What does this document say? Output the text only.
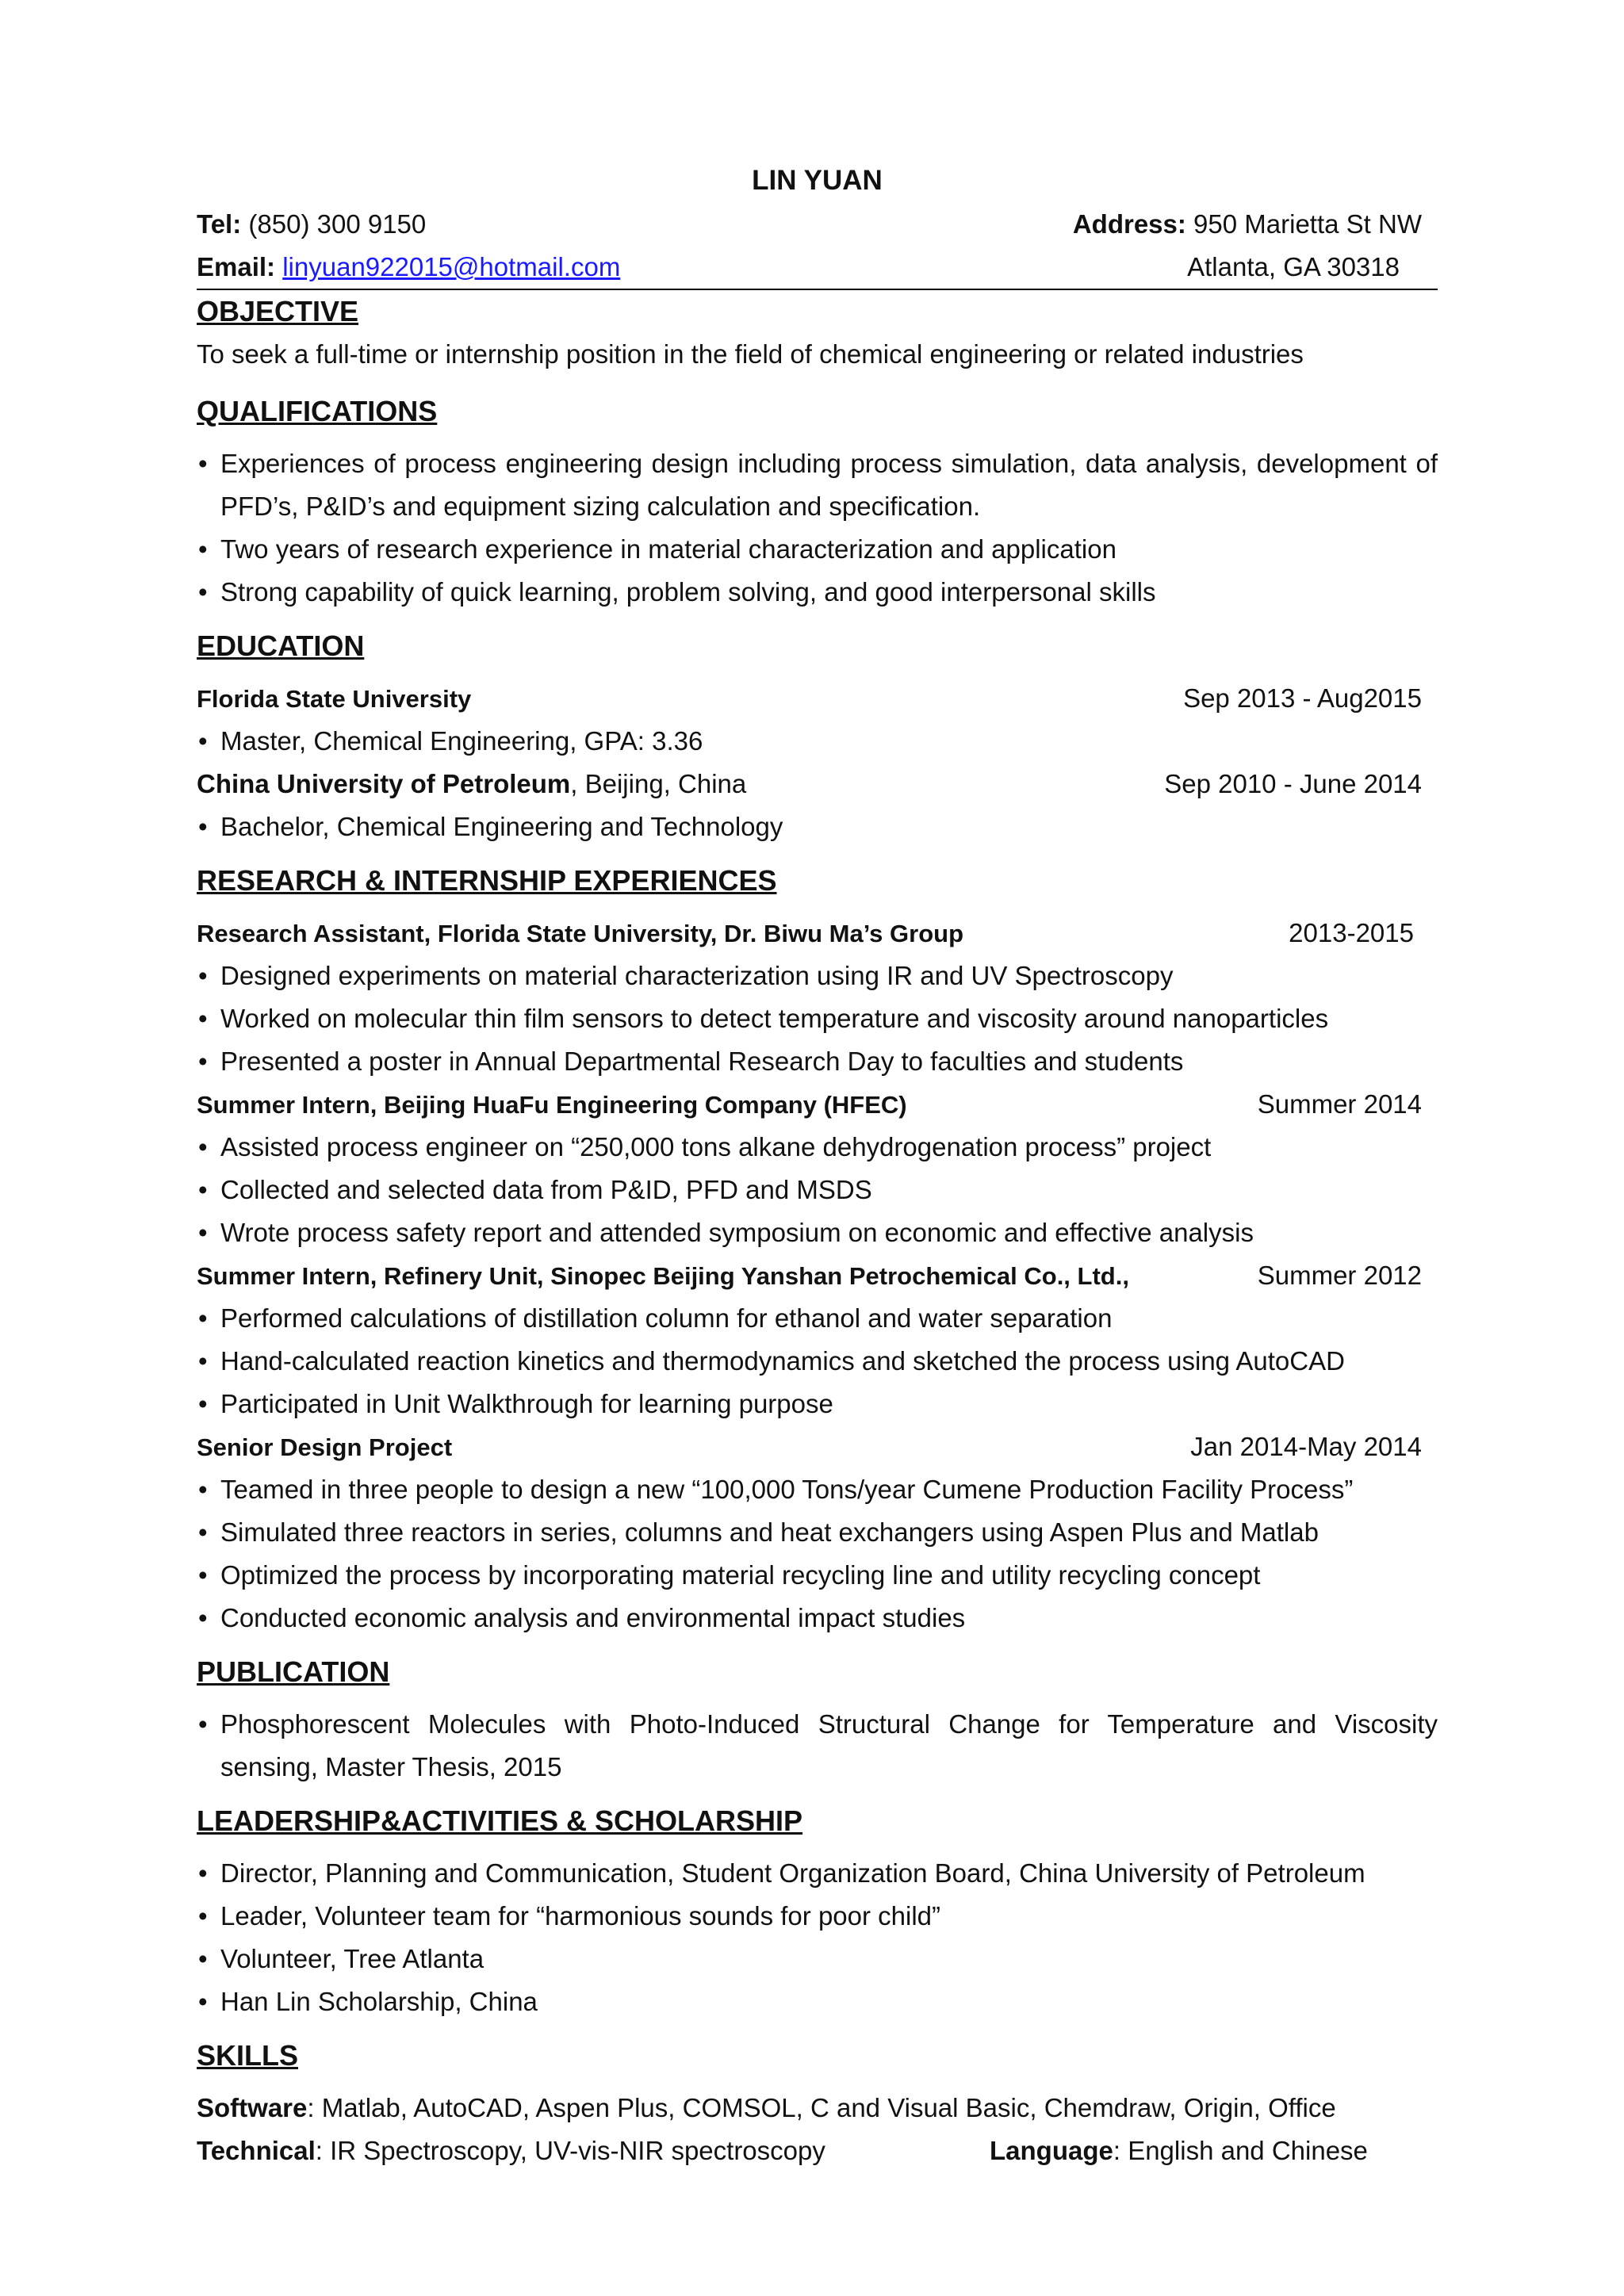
LIN YUAN
Tel: (850) 300 9150	Address: 950 Marietta St NW
Email: linyuan922015@hotmail.com	Atlanta, GA 30318
OBJECTIVE
To seek a full-time or internship position in the field of chemical engineering or related industries
QUALIFICATIONS
• Experiences of process engineering design including process simulation, data analysis, development of PFD’s, P&ID’s and equipment sizing calculation and specification.
• Two years of research experience in material characterization and application
• Strong capability of quick learning, problem solving, and good interpersonal skills
EDUCATION
Florida State University	Sep 2013 - Aug2015
• Master, Chemical Engineering, GPA: 3.36
China University of Petroleum, Beijing, China	Sep 2010 - June 2014
• Bachelor, Chemical Engineering and Technology
RESEARCH & INTERNSHIP EXPERIENCES
Research Assistant, Florida State University, Dr. Biwu Ma’s Group	2013-2015
• Designed experiments on material characterization using IR and UV Spectroscopy
• Worked on molecular thin film sensors to detect temperature and viscosity around nanoparticles
• Presented a poster in Annual Departmental Research Day to faculties and students
Summer Intern, Beijing HuaFu Engineering Company (HFEC)	Summer 2014
• Assisted process engineer on “250,000 tons alkane dehydrogenation process” project
• Collected and selected data from P&ID, PFD and MSDS
• Wrote process safety report and attended symposium on economic and effective analysis
Summer Intern, Refinery Unit, Sinopec Beijing Yanshan Petrochemical Co., Ltd.,	Summer 2012
• Performed calculations of distillation column for ethanol and water separation
• Hand-calculated reaction kinetics and thermodynamics and sketched the process using AutoCAD
• Participated in Unit Walkthrough for learning purpose
Senior Design Project	Jan 2014-May 2014
• Teamed in three people to design a new “100,000 Tons/year Cumene Production Facility Process”
• Simulated three reactors in series, columns and heat exchangers using Aspen Plus and Matlab
• Optimized the process by incorporating material recycling line and utility recycling concept
• Conducted economic analysis and environmental impact studies
PUBLICATION
• Phosphorescent Molecules with Photo-Induced Structural Change for Temperature and Viscosity sensing, Master Thesis, 2015
LEADERSHIP&ACTIVITIES & SCHOLARSHIP
• Director, Planning and Communication, Student Organization Board, China University of Petroleum
• Leader, Volunteer team for “harmonious sounds for poor child”
• Volunteer, Tree Atlanta
• Han Lin Scholarship, China
SKILLS
Software: Matlab, AutoCAD, Aspen Plus, COMSOL, C and Visual Basic, Chemdraw, Origin, Office
Technical: IR Spectroscopy, UV-vis-NIR spectroscopy	Language: English and Chinese
